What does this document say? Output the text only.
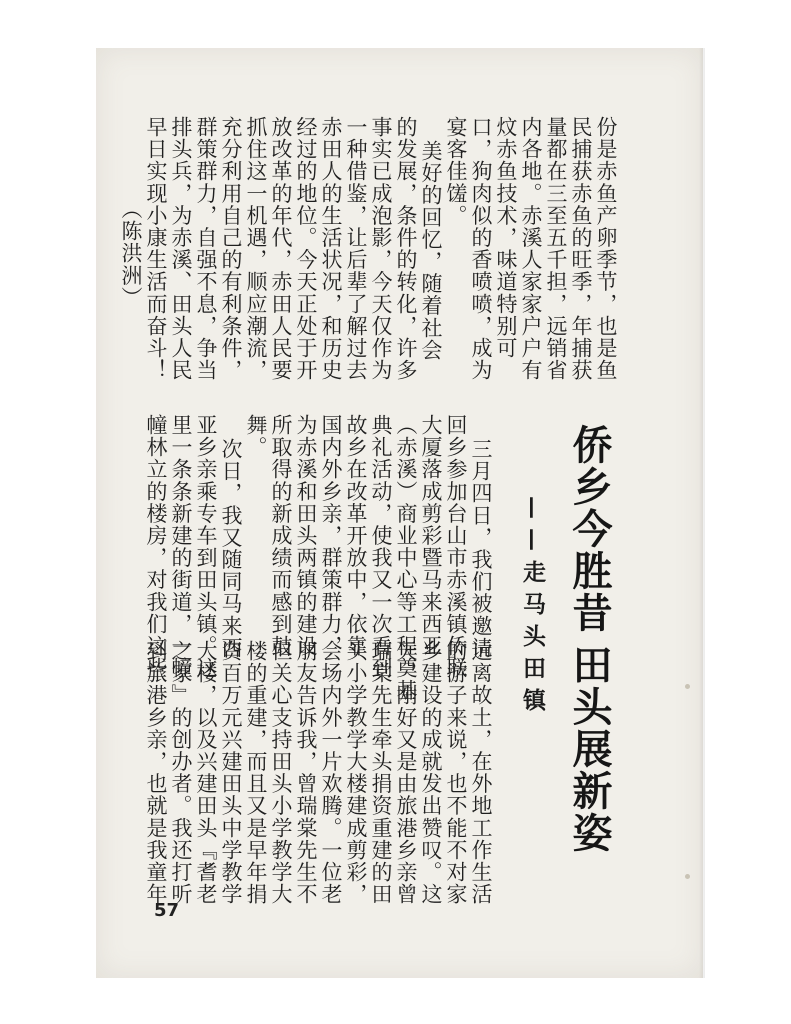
份是赤鱼产卵季节，也是鱼
民捕获赤鱼的旺季，年捕获
量都在三至五千担，远销省
内各地。赤溪人家家户户有
炆赤鱼技术，味道特别可
口，狗肉似的香喷喷，成为
宴客佳馐。
美好的回忆，随着社会
的发展，条件的转化，许多
事实已成泡影，今天仅作为
一种借鉴，让后辈了解过去
赤田人的生活状况，和历史
经过的地位。今天正处于开
放改革的年代，赤田人民要
抓住这一机遇，顺应潮流，
充分利用自己的有利条件，
群策群力，自强不息，争当
排头兵，为赤溪、田头人民
早日实现小康生活而奋斗！
（陈洪洲）
侨乡今胜昔
田头展新姿
——走马头田镇
三月四日，我们被邀请
回乡参加台山市赤溪镇侨联
大厦落成剪彩暨马来西亚
（赤溪）商业中心等工程奠基
典礼活动，使我又一次看到
故乡在改革开放中，依靠
国内外乡亲，群策群力，
为赤溪和田头两镇的建设
所取得的新成绩而感到鼓
舞。
次日，我又随同马来西
亚乡亲乘专车到田头镇。这
里一条条新建的街道，一幢
幢林立的楼房，对我们这些
远离故土，在外地工作生活
的游子来说，也不能不对家
乡建设的成就发出赞叹。这
天，刚好又是由旅港乡亲曾
瑞棠先生牵头捐资重建的田
头小学教学大楼建成剪彩，
会场内外一片欢腾。一位老
朋友告诉我，曾瑞棠先生不
但关心支持田头小学教学大
楼的重建，而且又是早年捐
资百万元兴建田头中学教学
大楼，以及兴建田头『耆老
之家』的创办者。我还打听
到旅港乡亲，也就是我童年
57
